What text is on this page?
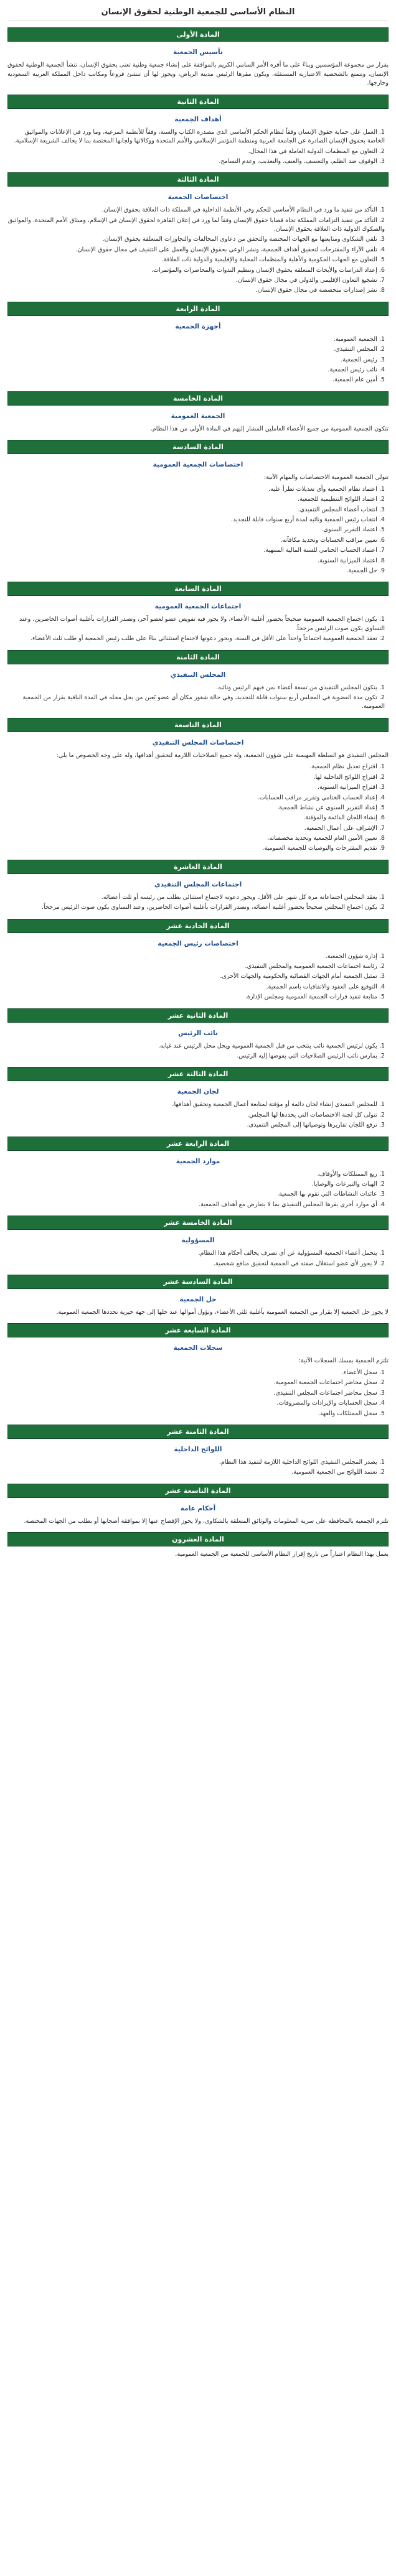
النظام الأساسي للجمعية الوطنية لحقوق الإنسان
المادة الأولى
تأسيس الجمعية

بقرار من مجموعة المؤسسين وبناءً على ما أقره الأمر السامي الكريم بالموافقة على إنشاء جمعية وطنية تعنى بحقوق الإنسان، تنشأ الجمعية الوطنية لحقوق الإنسان، وتتمتع بالشخصية الاعتبارية المستقلة، ويكون مقرها الرئيس مدينة الرياض، ويجوز لها أن تنشئ فروعاً ومكاتب داخل المملكة العربية السعودية وخارجها.

المادة الثانية
أهداف الجمعية
1. العمل على حماية حقوق الإنسان وفقاً لنظام الحكم الأساسي الذي مصدره الكتاب والسنة، وفقاً للأنظمة المرعية، وما ورد في الإعلانات والمواثيق الخاصة بحقوق الإنسان الصادرة عن الجامعة العربية ومنظمة المؤتمر الإسلامي والأمم المتحدة ووكالاتها ولجانها المختصة بما لا يخالف الشريعة الإسلامية.
2. التعاون مع المنظمات الدولية العاملة في هذا المجال.
3. الوقوف ضد الظلم، والتعسف، والعنف، والتعذيب، وعدم التسامح.
المادة الثالثة
اختصاصات الجمعية
1. التأكد من تنفيذ ما ورد في النظام الأساسي للحكم وفي الأنظمة الداخلية في المملكة ذات العلاقة بحقوق الإنسان.
2. التأكد من تنفيذ التزامات المملكة تجاه قضايا حقوق الإنسان وفقاً لما ورد في إعلان القاهرة لحقوق الإنسان في الإسلام، وميثاق الأمم المتحدة، والمواثيق والصكوك الدولية ذات العلاقة بحقوق الإنسان.
3. تلقي الشكاوى ومتابعتها مع الجهات المختصة والتحقق من دعاوى المخالفات والتجاوزات المتعلقة بحقوق الإنسان.
4. تلقي الآراء والمقترحات لتحقيق أهداف الجمعية، ونشر الوعي بحقوق الإنسان والعمل على التثقيف في مجال حقوق الإنسان.
5. التعاون مع الجهات الحكومية والأهلية والمنظمات المحلية والإقليمية والدولية ذات العلاقة.
6. إعداد الدراسات والأبحاث المتعلقة بحقوق الإنسان وتنظيم الندوات والمحاضرات والمؤتمرات.
7. تشجيع التعاون الإقليمي والدولي في مجال حقوق الإنسان.
8. نشر إصدارات متخصصة في مجال حقوق الإنسان.
المادة الرابعة
أجهزة الجمعية
1. الجمعية العمومية.
2. المجلس التنفيذي.
3. رئيس الجمعية.
4. نائب رئيس الجمعية.
5. أمين عام الجمعية.
المادة الخامسة
الجمعية العمومية

تتكون الجمعية العمومية من جميع الأعضاء العاملين المشار إليهم في المادة الأولى من هذا النظام.

المادة السادسة
اختصاصات الجمعية العمومية

تتولى الجمعية العمومية الاختصاصات والمهام الآتية:

1. اعتماد نظام الجمعية وأي تعديلات تطرأ عليه.
2. اعتماد اللوائح التنظيمية للجمعية.
3. انتخاب أعضاء المجلس التنفيذي.
4. انتخاب رئيس الجمعية ونائبه لمدة أربع سنوات قابلة للتجديد.
5. اعتماد التقرير السنوي.
6. تعيين مراقب الحسابات وتحديد مكافآته.
7. اعتماد الحساب الختامي للسنة المالية المنتهية.
8. اعتماد الميزانية السنوية.
9. حل الجمعية.
المادة السابعة
اجتماعات الجمعية العمومية
1. يكون اجتماع الجمعية العمومية صحيحاً بحضور أغلبية الأعضاء، ولا يجوز فيه تفويض عضو لعضو آخر، وتصدر القرارات بأغلبية أصوات الحاضرين، وعند التساوي يكون صوت الرئيس مرجحاً.
2. تعقد الجمعية العمومية اجتماعاً واحداً على الأقل في السنة، ويجوز دعوتها لاجتماع استثنائي بناءً على طلب رئيس الجمعية أو طلب ثلث الأعضاء.
المادة الثامنة
المجلس التنفيذي
1. يتكون المجلس التنفيذي من تسعة أعضاء بمن فيهم الرئيس ونائبه.
2. تكون مدة العضوية في المجلس أربع سنوات قابلة للتجديد، وفي حالة شغور مكان أي عضو يُعين من يحل محله في المدة الباقية بقرار من الجمعية العمومية.
المادة التاسعة
اختصاصات المجلس التنفيذي

المجلس التنفيذي هو السلطة المهيمنة على شؤون الجمعية، وله جميع الصلاحيات اللازمة لتحقيق أهدافها، وله على وجه الخصوص ما يلي:

1. اقتراح تعديل نظام الجمعية.
2. اقتراح اللوائح الداخلية لها.
3. اقتراح الميزانية السنوية.
4. إعداد الحساب الختامي وتقرير مراقب الحسابات.
5. إعداد التقرير السنوي عن نشاط الجمعية.
6. إنشاء اللجان الدائمة والمؤقتة.
7. الإشراف على أعمال الجمعية.
8. تعيين الأمين العام للجمعية وتحديد مخصصاته.
9. تقديم المقترحات والتوصيات للجمعية العمومية.
المادة العاشرة
اجتماعات المجلس التنفيذي
1. يعقد المجلس اجتماعاته مرة كل شهر على الأقل، ويجوز دعوته لاجتماع استثنائي بطلب من رئيسه أو ثلث أعضائه.
2. يكون اجتماع المجلس صحيحاً بحضور أغلبية أعضائه، وتصدر القرارات بأغلبية أصوات الحاضرين، وعند التساوي يكون صوت الرئيس مرجحاً.
المادة الحادية عشر
اختصاصات رئيس الجمعية
1. إدارة شؤون الجمعية.
2. رئاسة اجتماعات الجمعية العمومية والمجلس التنفيذي.
3. تمثيل الجمعية أمام الجهات القضائية والحكومية والجهات الأخرى.
4. التوقيع على العقود والاتفاقيات باسم الجمعية.
5. متابعة تنفيذ قرارات الجمعية العمومية ومجلس الإدارة.
المادة الثانية عشر
نائب الرئيس
1. يكون لرئيس الجمعية نائب ينتخب من قبل الجمعية العمومية ويحل محل الرئيس عند غيابه.
2. يمارس نائب الرئيس الصلاحيات التي يفوضها إليه الرئيس.
المادة الثالثة عشر
لجان الجمعية
1. للمجلس التنفيذي إنشاء لجان دائمة أو مؤقتة لمتابعة أعمال الجمعية وتحقيق أهدافها.
2. تتولى كل لجنة الاختصاصات التي يحددها لها المجلس.
3. ترفع اللجان تقاريرها وتوصياتها إلى المجلس التنفيذي.
المادة الرابعة عشر
موارد الجمعية
1. ريع الممتلكات والأوقاف.
2. الهبات والتبرعات والوصايا.
3. عائدات النشاطات التي تقوم بها الجمعية.
4. أي موارد أخرى يقرها المجلس التنفيذي بما لا يتعارض مع أهداف الجمعية.
المادة الخامسة عشر
المسؤولية
1. يتحمل أعضاء الجمعية المسؤولية عن أي تصرف يخالف أحكام هذا النظام.
2. لا يجوز لأي عضو استغلال صفته في الجمعية لتحقيق منافع شخصية.
المادة السادسة عشر
حل الجمعية

لا يجوز حل الجمعية إلا بقرار من الجمعية العمومية بأغلبية ثلثي الأعضاء، وتؤول أموالها عند حلها إلى جهة خيرية تحددها الجمعية العمومية.

المادة السابعة عشر
سجلات الجمعية

تلتزم الجمعية بمسك السجلات الآتية:

1. سجل الأعضاء.
2. سجل محاضر اجتماعات الجمعية العمومية.
3. سجل محاضر اجتماعات المجلس التنفيذي.
4. سجل الحسابات والإيرادات والمصروفات.
5. سجل الممتلكات والعهد.
المادة الثامنة عشر
اللوائح الداخلية
1. يصدر المجلس التنفيذي اللوائح الداخلية اللازمة لتنفيذ هذا النظام.
2. تعتمد اللوائح من الجمعية العمومية.
المادة التاسعة عشر
أحكام عامة

تلتزم الجمعية بالمحافظة على سرية المعلومات والوثائق المتعلقة بالشكاوى، ولا يجوز الإفصاح عنها إلا بموافقة أصحابها أو بطلب من الجهات المختصة.

المادة العشرون

يعمل بهذا النظام اعتباراً من تاريخ إقرار النظام الأساسي للجمعية من الجمعية العمومية.
